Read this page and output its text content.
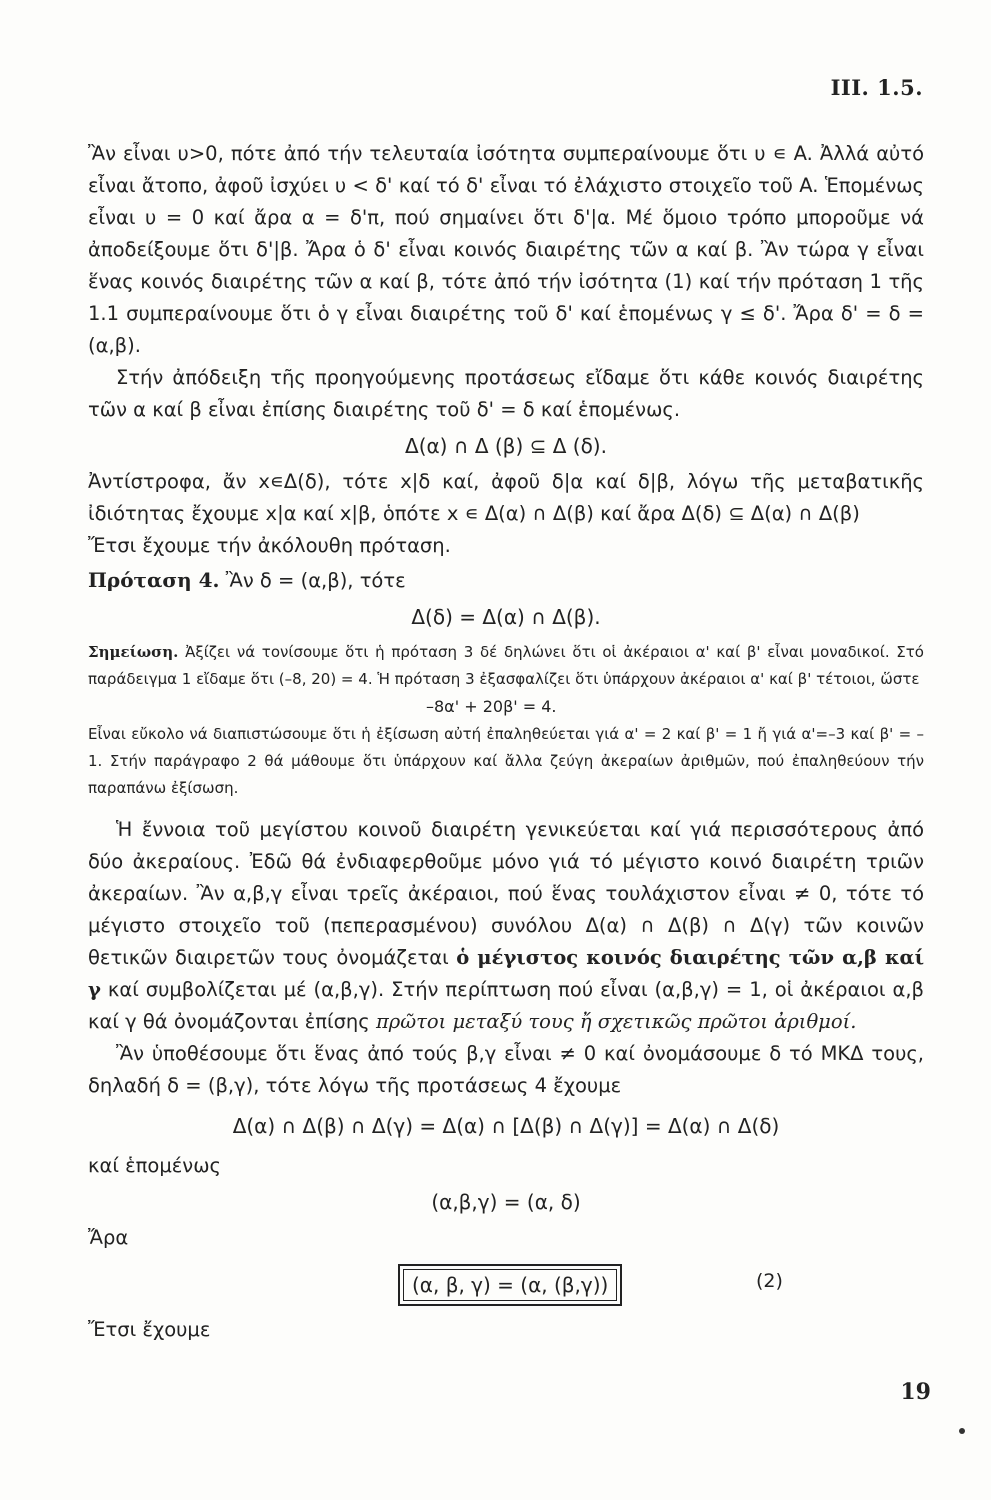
ΙΙΙ. 1.5.

Ἂν εἶναι υ>0, πότε ἀπό τήν τελευταία ἰσότητα συμπεραίνουμε ὅτι υ ∊ A. Ἀλλά αὐτό εἶναι ἄτοπο, ἀφοῦ ἰσχύει υ < δ' καί τό δ' εἶναι τό ἐλάχιστο στοιχεῖο τοῦ A. Ἑπομένως εἶναι υ = 0 καί ἄρα α = δ'π, πού σημαίνει ὅτι δ'|α. Μέ ὅμοιο τρόπο μποροῦμε νά ἀποδείξουμε ὅτι δ'|β. Ἄρα ὁ δ' εἶναι κοινός διαιρέτης τῶν α καί β. Ἂν τώρα γ εἶναι ἕνας κοινός διαιρέτης τῶν α καί β, τότε ἀπό τήν ἰσότητα (1) καί τήν πρόταση 1 τῆς 1.1 συμπεραίνουμε ὅτι ὁ γ εἶναι διαιρέτης τοῦ δ' καί ἑπομένως γ ≤ δ'. Ἄρα δ' = δ = (α,β).

Στήν ἀπόδειξη τῆς προηγούμενης προτάσεως εἴδαμε ὅτι κάθε κοινός διαιρέτης τῶν α καί β εἶναι ἐπίσης διαιρέτης τοῦ δ' = δ καί ἑπομένως.

Δ(α) ∩ Δ (β) ⊆ Δ (δ).

Ἀντίστροφα, ἄν x∊Δ(δ), τότε x|δ καί, ἀφοῦ δ|α καί δ|β, λόγω τῆς μεταβατικῆς ἰδιότητας ἔχουμε x|α καί x|β, ὁπότε x ∊ Δ(α) ∩ Δ(β) καί ἄρα Δ(δ) ⊆ Δ(α) ∩ Δ(β)

Ἔτσι ἔχουμε τήν ἀκόλουθη πρόταση.

Πρόταση 4. Ἂν δ = (α,β), τότε
Δ(δ) = Δ(α) ∩ Δ(β).

Σημείωση. Ἀξίζει νά τονίσουμε ὅτι ἡ πρόταση 3 δέ δηλώνει ὅτι οἱ ἀκέραιοι α' καί β' εἶναι μοναδικοί. Στό παράδειγμα 1 εἴδαμε ὅτι (–8, 20) = 4. Ἡ πρόταση 3 ἐξασφαλίζει ὅτι ὑπάρχουν ἀκέραιοι α' καί β' τέτοιοι, ὥστε

–8α' + 20β' = 4.

Εἶναι εὔκολο νά διαπιστώσουμε ὅτι ἡ ἐξίσωση αὐτή ἐπαληθεύεται γιά α' = 2 καί β' = 1 ἤ γιά α'=–3 καί β' = –1. Στήν παράγραφο 2 θά μάθουμε ὅτι ὑπάρχουν καί ἄλλα ζεύγη ἀκεραίων ἀριθμῶν, πού ἐπαληθεύουν τήν παραπάνω ἐξίσωση.

Ἡ ἔννοια τοῦ μεγίστου κοινοῦ διαιρέτη γενικεύεται καί γιά περισσότερους ἀπό δύο ἀκεραίους. Ἐδῶ θά ἐνδιαφερθοῦμε μόνο γιά τό μέγιστο κοινό διαιρέτη τριῶν ἀκεραίων. Ἂν α,β,γ εἶναι τρεῖς ἀκέραιοι, πού ἕνας τουλάχιστον εἶναι ≠ 0, τότε τό μέγιστο στοιχεῖο τοῦ (πεπερασμένου) συνόλου Δ(α) ∩ Δ(β) ∩ Δ(γ) τῶν κοινῶν θετικῶν διαιρετῶν τους ὀνομάζεται ὁ μέγιστος κοινός διαιρέτης τῶν α,β καί γ καί συμβολίζεται μέ (α,β,γ). Στήν περίπτωση πού εἶναι (α,β,γ) = 1, οἱ ἀκέραιοι α,β καί γ θά ὀνομάζονται ἐπίσης πρῶτοι μεταξύ τους ἤ σχετικῶς πρῶτοι ἀριθμοί.

Ἂν ὑποθέσουμε ὅτι ἕνας ἀπό τούς β,γ εἶναι ≠ 0 καί ὀνομάσουμε δ τό ΜΚΔ τους, δηλαδή δ = (β,γ), τότε λόγω τῆς προτάσεως 4 ἔχουμε

Δ(α) ∩ Δ(β) ∩ Δ(γ) = Δ(α) ∩ [Δ(β) ∩ Δ(γ)] = Δ(α) ∩ Δ(δ)
καί ἑπομένως
(α,β,γ) = (α, δ)
Ἄρα
(α, β, γ) = (α, (β,γ))	(2)
Ἔτσι ἔχουμε
19
